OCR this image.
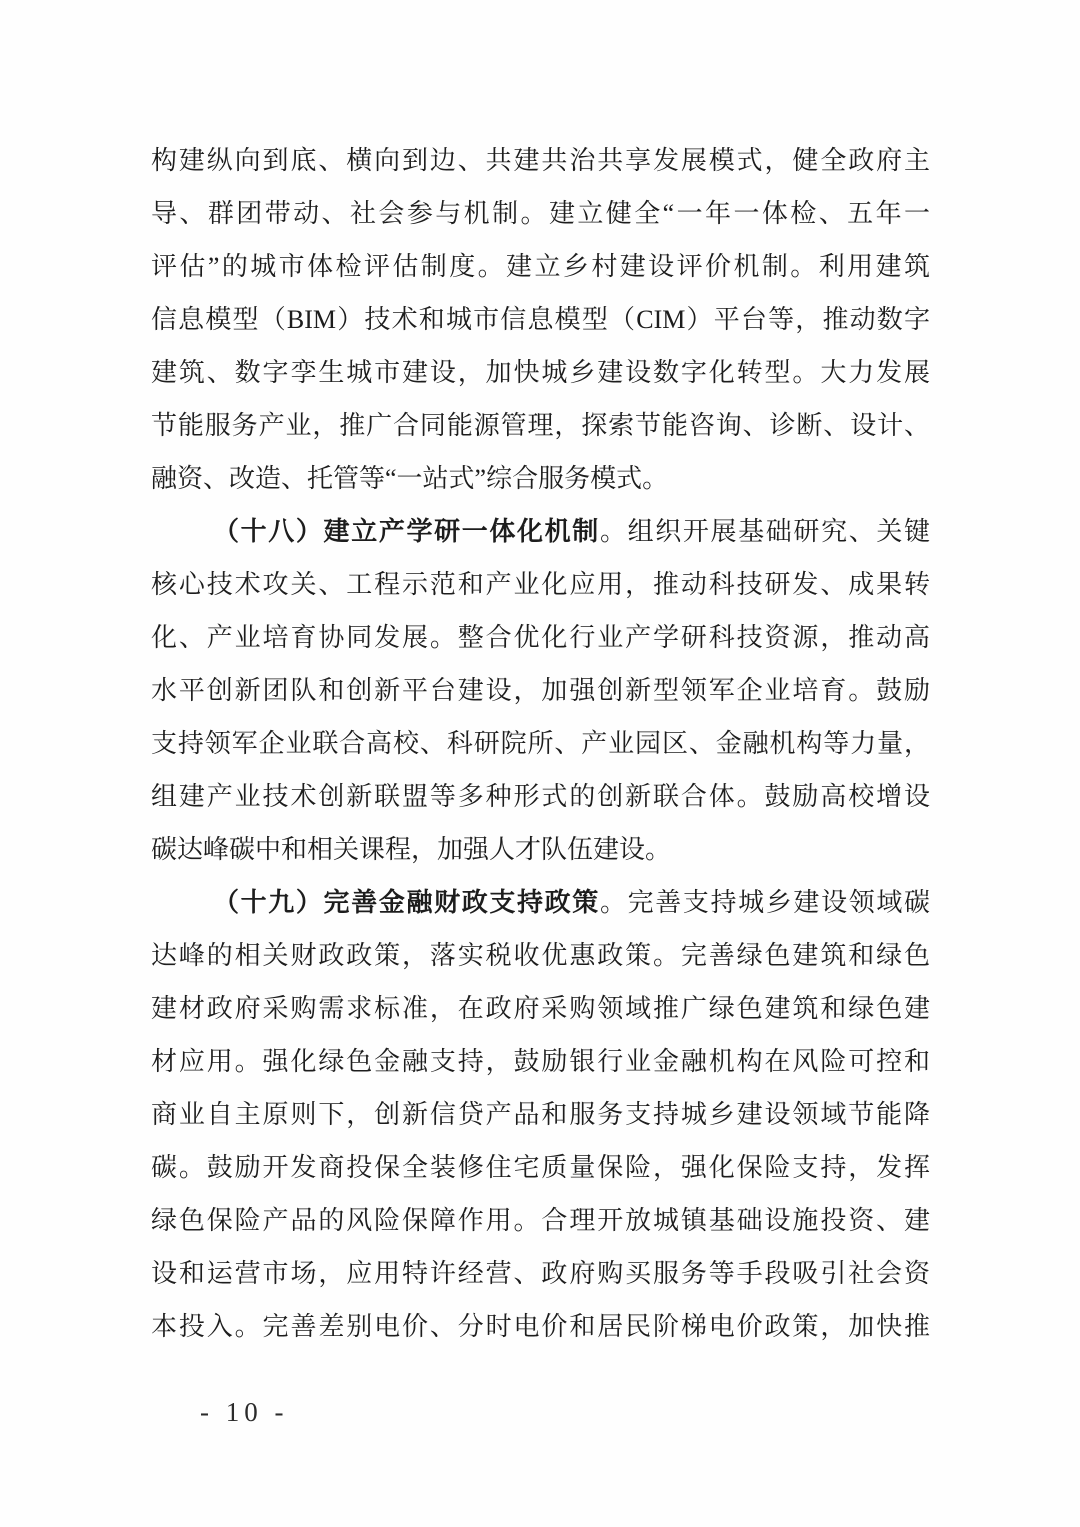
构建纵向到底、横向到边、共建共治共享发展模式，健全政府主
导、群团带动、社会参与机制。建立健全“一年一体检、五年一
评估”的城市体检评估制度。建立乡村建设评价机制。利用建筑
信息模型（BIM）技术和城市信息模型（CIM）平台等，推动数字
建筑、数字孪生城市建设，加快城乡建设数字化转型。大力发展
节能服务产业，推广合同能源管理，探索节能咨询、诊断、设计、
融资、改造、托管等“一站式”综合服务模式。
（十八）建立产学研一体化机制。组织开展基础研究、关键
核心技术攻关、工程示范和产业化应用，推动科技研发、成果转
化、产业培育协同发展。整合优化行业产学研科技资源，推动高
水平创新团队和创新平台建设，加强创新型领军企业培育。鼓励
支持领军企业联合高校、科研院所、产业园区、金融机构等力量，
组建产业技术创新联盟等多种形式的创新联合体。鼓励高校增设
碳达峰碳中和相关课程，加强人才队伍建设。
（十九）完善金融财政支持政策。完善支持城乡建设领域碳
达峰的相关财政政策，落实税收优惠政策。完善绿色建筑和绿色
建材政府采购需求标准，在政府采购领域推广绿色建筑和绿色建
材应用。强化绿色金融支持，鼓励银行业金融机构在风险可控和
商业自主原则下，创新信贷产品和服务支持城乡建设领域节能降
碳。鼓励开发商投保全装修住宅质量保险，强化保险支持，发挥
绿色保险产品的风险保障作用。合理开放城镇基础设施投资、建
设和运营市场，应用特许经营、政府购买服务等手段吸引社会资
本投入。完善差别电价、分时电价和居民阶梯电价政策，加快推
- 10 -
